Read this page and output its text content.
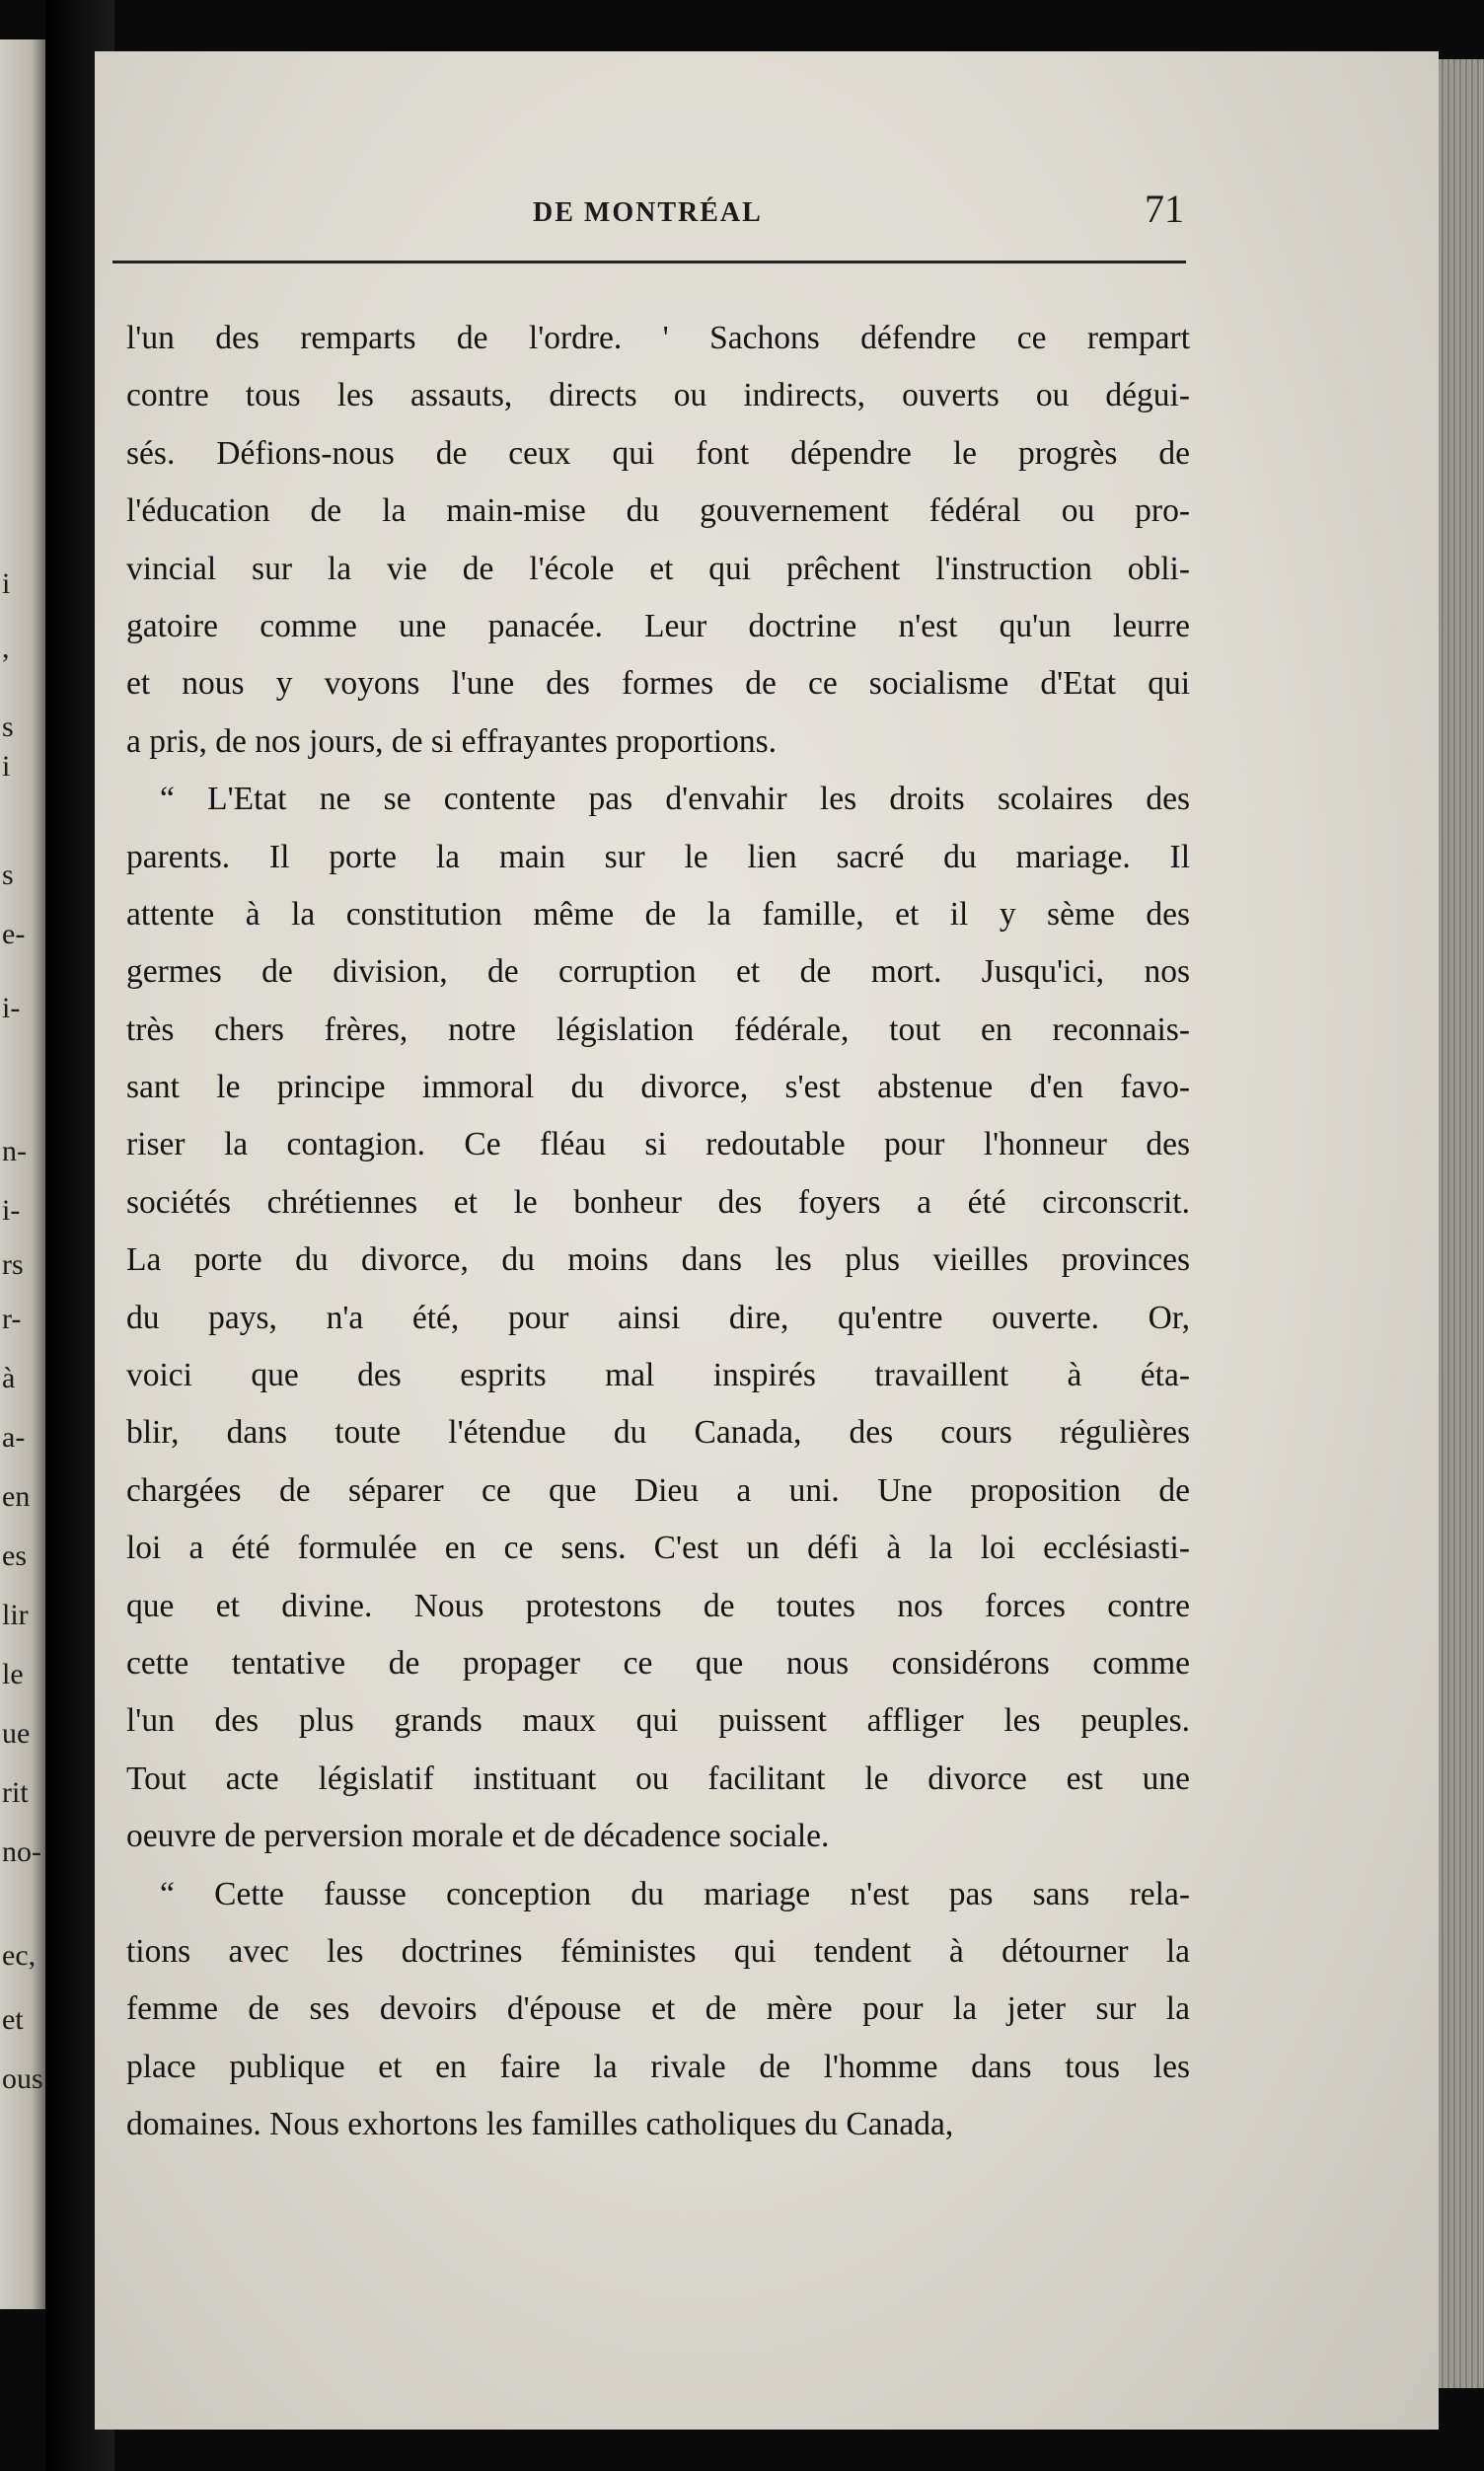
i
,
s
i
s
e-
i-
n-
i-
rs
r-
à
a-
en
es
lir
le
ue
rit
no-
ec,
et
ous
DE MONTRÉAL	71
l'un des remparts de l'ordre. ' Sachons défendre ce rempart
contre tous les assauts, directs ou indirects, ouverts ou dégui-
sés. Défions-nous de ceux qui font dépendre le progrès de
l'éducation de la main-mise du gouvernement fédéral ou pro-
vincial sur la vie de l'école et qui prêchent l'instruction obli-
gatoire comme une panacée. Leur doctrine n'est qu'un leurre
et nous y voyons l'une des formes de ce socialisme d'Etat qui
a pris, de nos jours, de si effrayantes proportions.
“ L'Etat ne se contente pas d'envahir les droits scolaires des
parents. Il porte la main sur le lien sacré du mariage. Il
attente à la constitution même de la famille, et il y sème des
germes de division, de corruption et de mort. Jusqu'ici, nos
très chers frères, notre législation fédérale, tout en reconnais-
sant le principe immoral du divorce, s'est abstenue d'en favo-
riser la contagion. Ce fléau si redoutable pour l'honneur des
sociétés chrétiennes et le bonheur des foyers a été circonscrit.
La porte du divorce, du moins dans les plus vieilles provinces
du pays, n'a été, pour ainsi dire, qu'entre ouverte. Or,
voici que des esprits mal inspirés travaillent à éta-
blir, dans toute l'étendue du Canada, des cours régulières
chargées de séparer ce que Dieu a uni. Une proposition de
loi a été formulée en ce sens. C'est un défi à la loi ecclésiasti-
que et divine. Nous protestons de toutes nos forces contre
cette tentative de propager ce que nous considérons comme
l'un des plus grands maux qui puissent affliger les peuples.
Tout acte législatif instituant ou facilitant le divorce est une
oeuvre de perversion morale et de décadence sociale.
“ Cette fausse conception du mariage n'est pas sans rela-
tions avec les doctrines féministes qui tendent à détourner la
femme de ses devoirs d'épouse et de mère pour la jeter sur la
place publique et en faire la rivale de l'homme dans tous les
domaines. Nous exhortons les familles catholiques du Canada,
